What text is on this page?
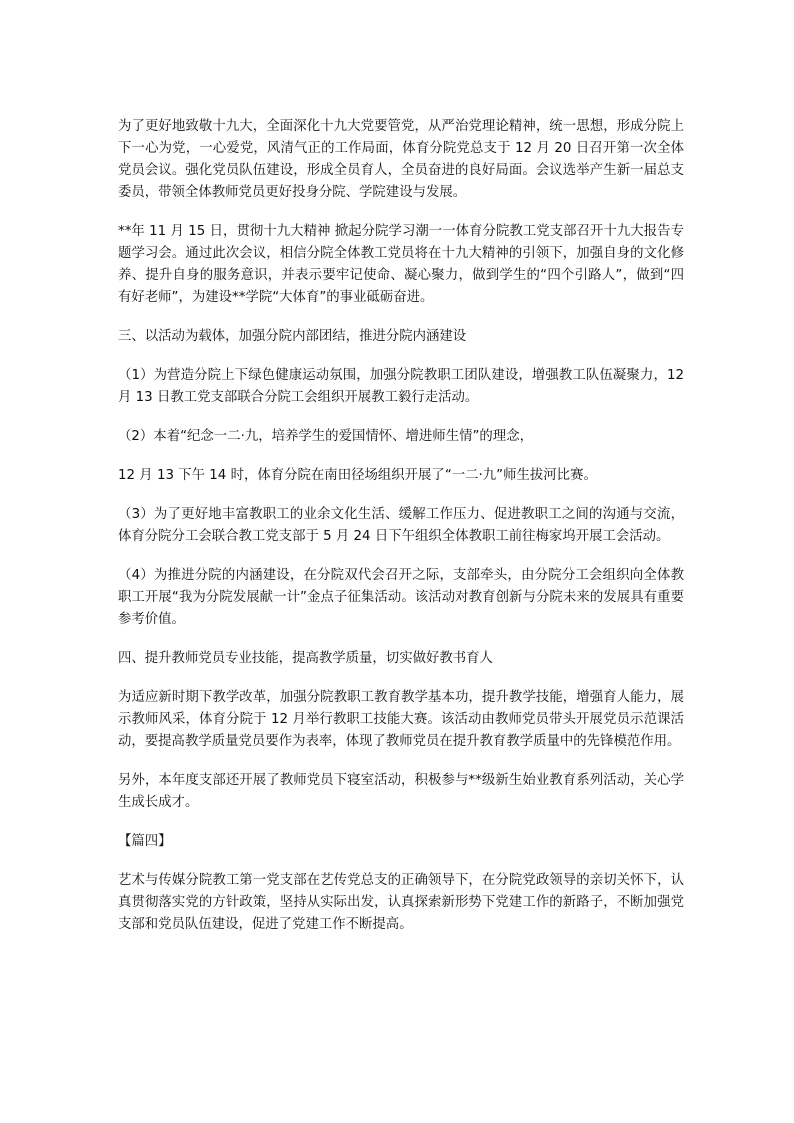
为了更好地致敬十九大，全面深化十九大党要管党，从严治党理论精神，统一思想，形成分院上下一心为党，一心爱党，风清气正的工作局面，体育分院党总支于 12 月 20 日召开第一次全体党员会议。强化党员队伍建设，形成全员育人，全员奋进的良好局面。会议选举产生新一届总支委员，带领全体教师党员更好投身分院、学院建设与发展。

**年 11 月 15 日，贯彻十九大精神 掀起分院学习潮一一体育分院教工党支部召开十九大报告专题学习会。通过此次会议，相信分院全体教工党员将在十九大精神的引领下，加强自身的文化修养、提升自身的服务意识，并表示要牢记使命、凝心聚力，做到学生的“四个引路人”，做到“四有好老师”，为建设**学院“大体育”的事业砥砺奋进。

三、以活动为载体，加强分院内部团结，推进分院内涵建设

（1）为营造分院上下绿色健康运动氛围，加强分院教职工团队建设，增强教工队伍凝聚力，12 月 13 日教工党支部联合分院工会组织开展教工毅行走活动。

（2）本着“纪念一二·九，培养学生的爱国情怀、增进师生情”的理念，

12 月 13 下午 14 时，体育分院在南田径场组织开展了“一二·九”师生拔河比赛。

（3）为了更好地丰富教职工的业余文化生活、缓解工作压力、促进教职工之间的沟通与交流，体育分院分工会联合教工党支部于 5 月 24 日下午组织全体教职工前往梅家坞开展工会活动。

（4）为推进分院的内涵建设，在分院双代会召开之际，支部牵头，由分院分工会组织向全体教职工开展“我为分院发展献一计”金点子征集活动。该活动对教育创新与分院未来的发展具有重要参考价值。

四、提升教师党员专业技能，提高教学质量，切实做好教书育人

为适应新时期下教学改革，加强分院教职工教育教学基本功，提升教学技能，增强育人能力，展示教师风采，体育分院于 12 月举行教职工技能大赛。该活动由教师党员带头开展党员示范课活动，要提高教学质量党员要作为表率，体现了教师党员在提升教育教学质量中的先锋模范作用。

另外，本年度支部还开展了教师党员下寝室活动，积极参与**级新生始业教育系列活动，关心学生成长成才。

【篇四】

艺术与传媒分院教工第一党支部在艺传党总支的正确领导下，在分院党政领导的亲切关怀下，认真贯彻落实党的方针政策，坚持从实际出发，认真探索新形势下党建工作的新路子，不断加强党支部和党员队伍建设，促进了党建工作不断提高。
